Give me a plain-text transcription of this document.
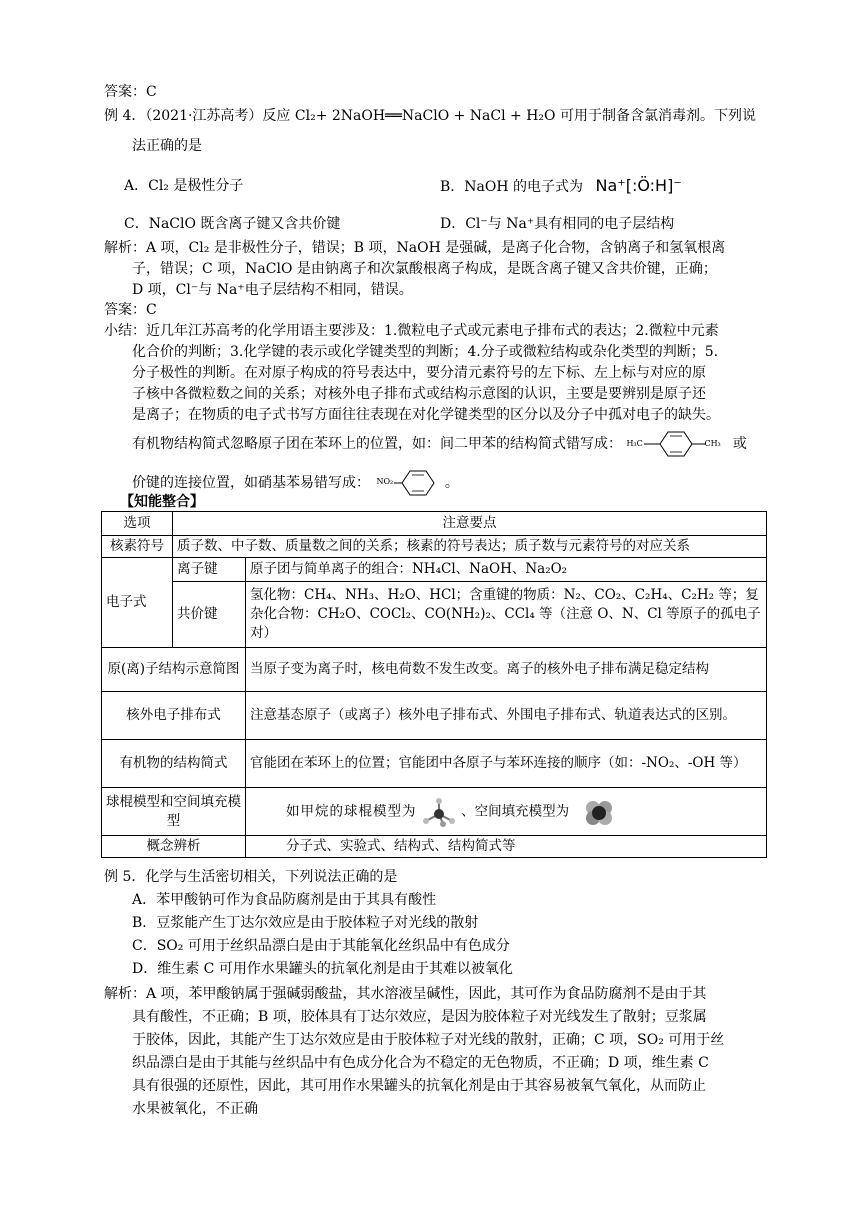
答案：C
例 4．（2021·江苏高考）反应 Cl₂+ 2NaOH══NaClO + NaCl + H₂O 可用于制备含氯消毒剂。下列说
法正确的是
A．Cl₂ 是极性分子	B．NaOH 的电子式为 Na⁺[:Ö:H]⁻
C．NaClO 既含离子键又含共价键	D．Cl⁻与 Na⁺具有相同的电子层结构
解析：A 项，Cl₂ 是非极性分子，错误；B 项，NaOH 是强碱，是离子化合物，含钠离子和氢氧根离
子，错误；C 项，NaClO 是由钠离子和次氯酸根离子构成，是既含离子键又含共价键，正确；
D 项，Cl⁻与 Na⁺电子层结构不相同，错误。
答案：C
小结：近几年江苏高考的化学用语主要涉及：1.微粒电子式或元素电子排布式的表达；2.微粒中元素
化合价的判断；3.化学键的表示或化学键类型的判断；4.分子或微粒结构或杂化类型的判断；5.
分子极性的判断。在对原子构成的符号表达中，要分清元素符号的左下标、左上标与对应的原
子核中各微粒数之间的关系；对核外电子排布式或结构示意图的认识，主要是要辨别是原子还
是离子；在物质的电子式书写方面往往表现在对化学键类型的区分以及分子中孤对电子的缺失。
有机物结构简式忽略原子团在苯环上的位置，如：间二甲苯的结构简式错写成： H₃C	CH₃ 或
价键的连接位置，如硝基苯易错写成： NO₂	。
【知能整合】
选项	注意要点	
核素符号	质子数、中子数、质量数之间的关系；核素的符号表达；质子数与元素符号的对应关系	
电子式	离子键	原子团与简单离子的组合：NH₄Cl、NaOH、Na₂O₂
	共价键	氢化物：CH₄、NH₃、H₂O、HCl；含重键的物质：N₂、CO₂、C₂H₄、C₂H₂ 等；复杂化合物：CH₂O、COCl₂、CO(NH₂)₂、CCl₄ 等（注意 O、N、Cl 等原子的孤电子对）
原(离)子结构示意简图		当原子变为离子时，核电荷数不发生改变。离子的核外电子排布满足稳定结构
核外电子排布式		注意基态原子（或离子）核外电子排布式、外围电子排布式、轨道表达式的区别。
有机物的结构简式		官能团在苯环上的位置；官能团中各原子与苯环连接的顺序（如：-NO₂、-OH 等）
球棍模型和空间填充模型		如甲烷的球棍模型为 、空间填充模型为
概念辨析		分子式、实验式、结构式、结构简式等
例 5．化学与生活密切相关，下列说法正确的是
A．苯甲酸钠可作为食品防腐剂是由于其具有酸性
B．豆浆能产生丁达尔效应是由于胶体粒子对光线的散射
C．SO₂ 可用于丝织品漂白是由于其能氧化丝织品中有色成分
D．维生素 C 可用作水果罐头的抗氧化剂是由于其难以被氧化
解析：A 项，苯甲酸钠属于强碱弱酸盐，其水溶液呈碱性，因此，其可作为食品防腐剂不是由于其
具有酸性，不正确；B 项，胶体具有丁达尔效应，是因为胶体粒子对光线发生了散射；豆浆属
于胶体，因此，其能产生丁达尔效应是由于胶体粒子对光线的散射，正确；C 项，SO₂ 可用于丝
织品漂白是由于其能与丝织品中有色成分化合为不稳定的无色物质，不正确；D 项，维生素 C
具有很强的还原性，因此，其可用作水果罐头的抗氧化剂是由于其容易被氧气氧化，从而防止
水果被氧化，不正确
